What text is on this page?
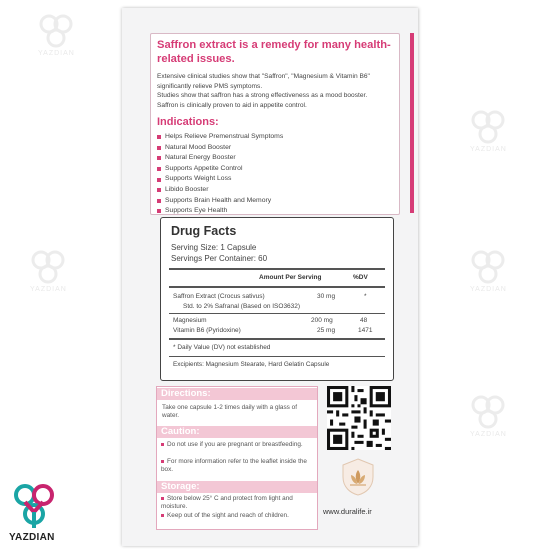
YAZDIAN
YAZDIAN
YAZDIAN
YAZDIAN
YAZDIAN
Saffron extract is a remedy for many health-related issues.
Extensive clinical studies show that "Saffron", "Magnesium & Vitamin B6" significantly relieve PMS symptoms.
Studies show that saffron has a strong effectiveness as a mood booster.
Saffron is clinically proven to aid in appetite control.
Indications:
Helps Relieve Premenstrual Symptoms
Natural Mood Booster
Natural Energy Booster
Supports Appetite Control
Supports Weight Loss
Libido Booster
Supports Brain Health and Memory
Supports Eye Health
Drug Facts
Serving Size: 1 Capsule
Servings Per Container: 60
Amount Per Serving	%DV
Saffron Extract (Crocus sativus)	30 mg	*
Std. to 2% Safranal (Based on ISO3632)
Magnesium	200 mg	48
Vitamin B6 (Pyridoxine)	25 mg	1471
* Daily Value (DV) not established
Excipients: Magnesium Stearate, Hard Gelatin Capsule
Directions:
Take one capsule 1-2 times daily with a glass of water.
Caution:
Do not use if you are pregnant or breastfeeding.
For more information refer to the leaflet inside the box.
Storage:
Store below 25° C and protect from light and moisture.
Keep out of the sight and reach of children.	www.duralife.ir
YAZDIAN
